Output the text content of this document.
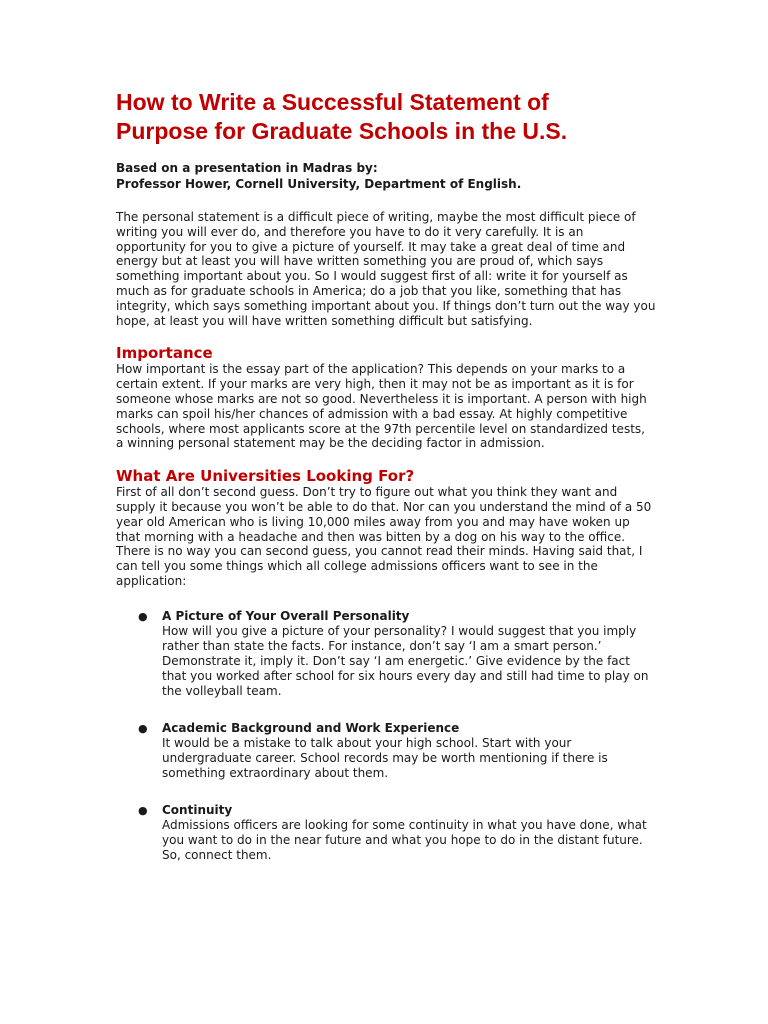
How to Write a Successful Statement of
Purpose for Graduate Schools in the U.S.
Based on a presentation in Madras by:
Professor Hower, Cornell University, Department of English.

The personal statement is a difficult piece of writing, maybe the most difficult piece of writing you will ever do, and therefore you have to do it very carefully. It is an opportunity for you to give a picture of yourself. It may take a great deal of time and energy but at least you will have written something you are proud of, which says something important about you. So I would suggest first of all: write it for yourself as much as for graduate schools in America; do a job that you like, something that has integrity, which says something important about you. If things don’t turn out the way you hope, at least you will have written something difficult but satisfying.

Importance

How important is the essay part of the application? This depends on your marks to a certain extent. If your marks are very high, then it may not be as important as it is for someone whose marks are not so good. Nevertheless it is important. A person with high marks can spoil his/her chances of admission with a bad essay. At highly competitive schools, where most applicants score at the 97th percentile level on standardized tests, a winning personal statement may be the deciding factor in admission.

What Are Universities Looking For?

First of all don’t second guess. Don’t try to figure out what you think they want and supply it because you won’t be able to do that. Nor can you understand the mind of a 50 year old American who is living 10,000 miles away from you and may have woken up that morning with a headache and then was bitten by a dog on his way to the office. There is no way you can second guess, you cannot read their minds. Having said that, I can tell you some things which all college admissions officers want to see in the application:

● A Picture of Your Overall Personality
How will you give a picture of your personality? I would suggest that you imply rather than state the facts. For instance, don’t say ‘I am a smart person.’ Demonstrate it, imply it. Don’t say ‘I am energetic.’ Give evidence by the fact that you worked after school for six hours every day and still had time to play on the volleyball team.
● Academic Background and Work Experience
It would be a mistake to talk about your high school. Start with your undergraduate career. School records may be worth mentioning if there is something extraordinary about them.
● Continuity
Admissions officers are looking for some continuity in what you have done, what you want to do in the near future and what you hope to do in the distant future. So, connect them.
